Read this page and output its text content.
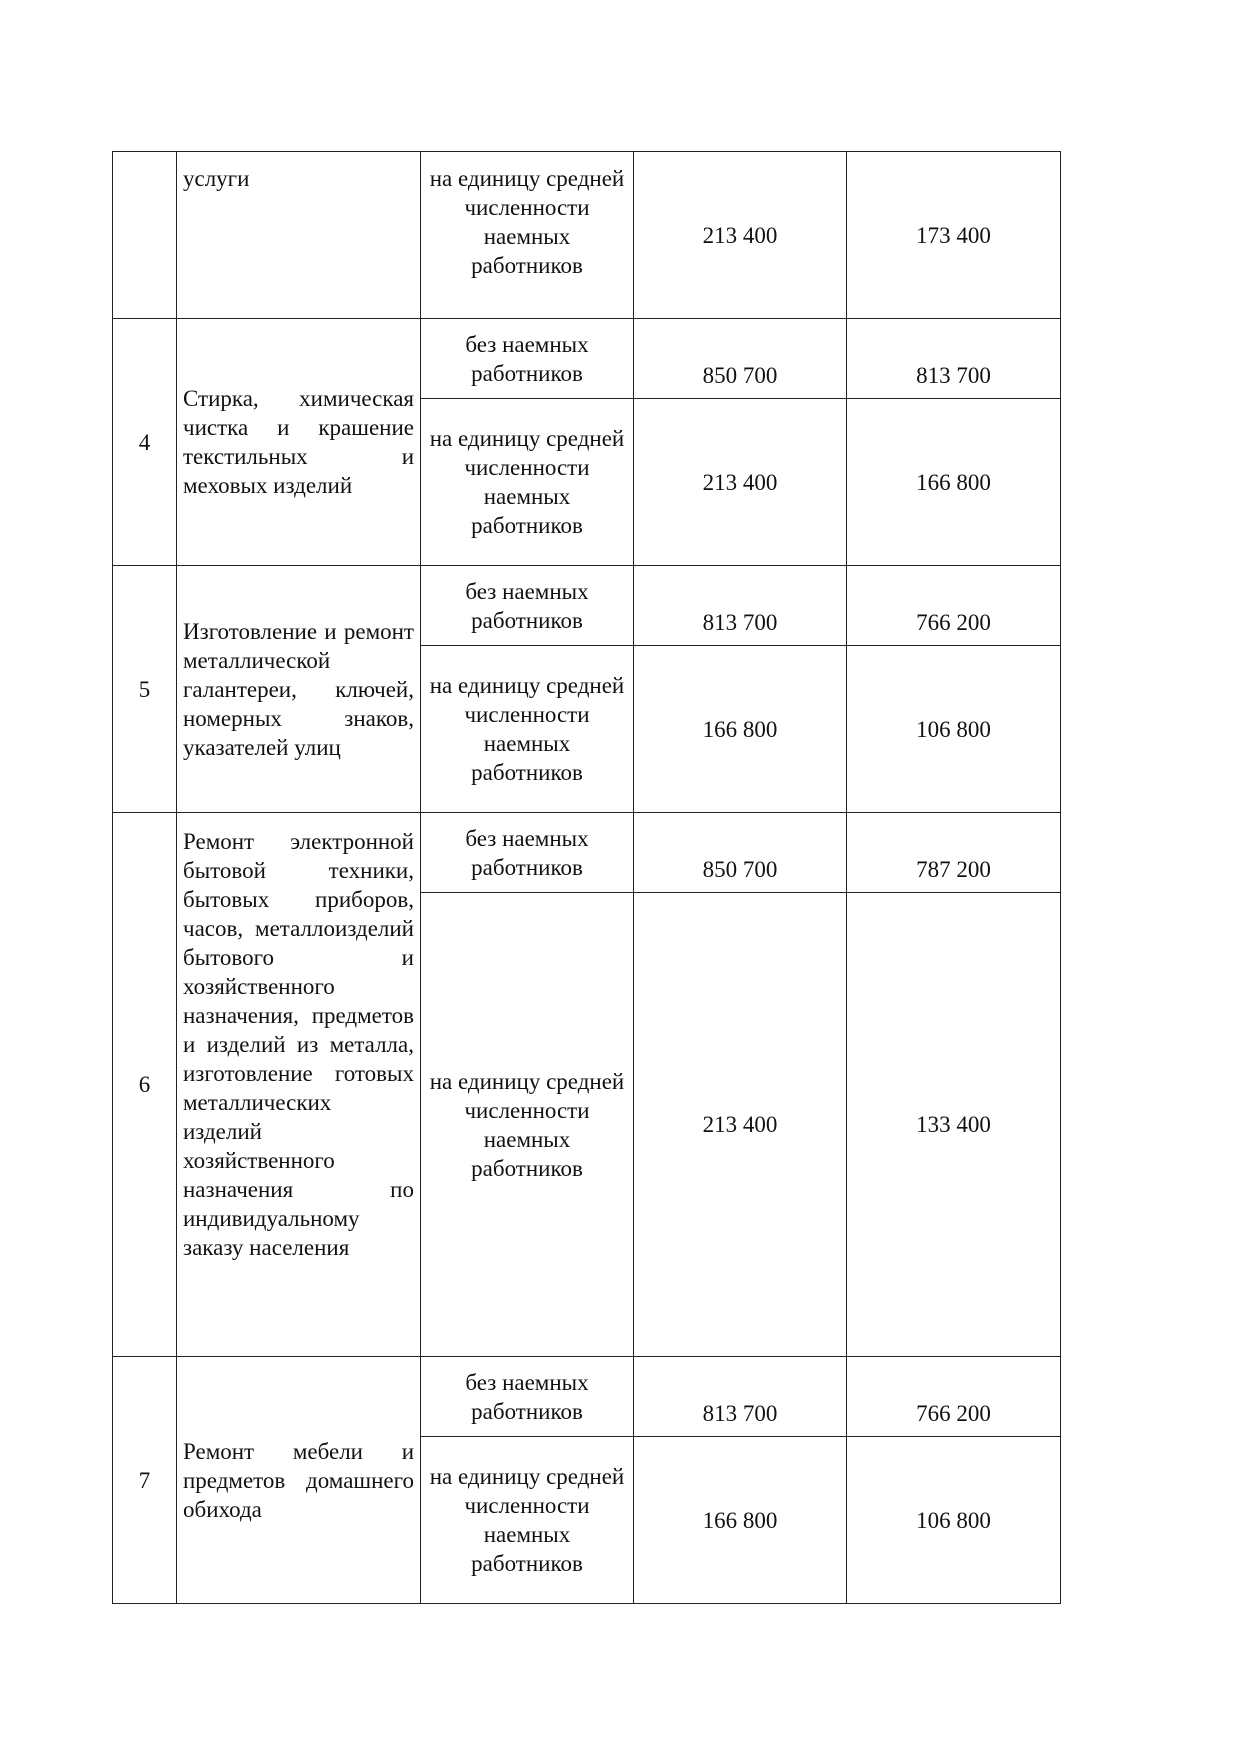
	услуги	на единицу средней численности наемных работников	213 400	173 400
4	Стирка, химическая чистка и крашение текстильных и меховых изделий	без наемных работников	850 700	813 700
		на единицу средней численности наемных работников	213 400	166 800
5	Изготовление и ремонт металлической галантереи, ключей, номерных знаков, указателей улиц	без наемных работников	813 700	766 200
		на единицу средней численности наемных работников	166 800	106 800
6	Ремонт электронной бытовой техники, бытовых приборов, часов, металлоизделий бытового и хозяйственного назначения, предметов и изделий из металла, изготовление готовых металлических изделий хозяйственного назначения по индивидуальному заказу населения	без наемных работников	850 700	787 200
		на единицу средней численности наемных работников	213 400	133 400
7	Ремонт мебели и предметов домашнего обихода	без наемных работников	813 700	766 200
		на единицу средней численности наемных работников	166 800	106 800
